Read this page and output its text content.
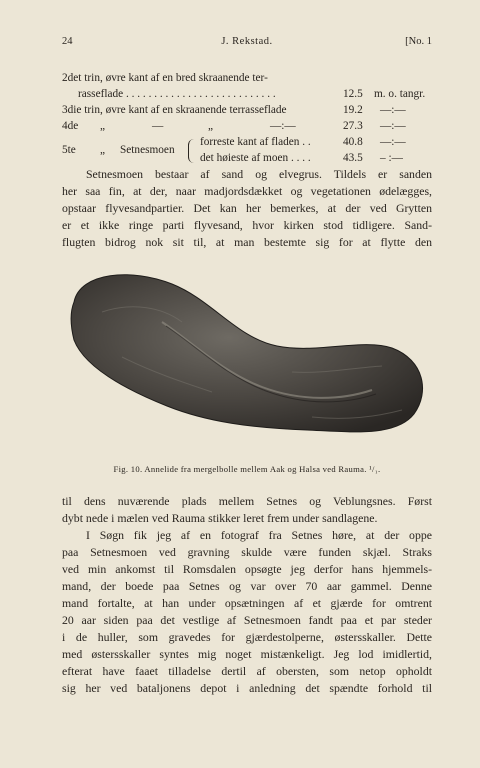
24	J. Rekstad.	[No. 1
2det trin, øvre kant af en bred skraanende ter-
rasseflade . . . . . . . . . . . . . . . . . . . . . . . . . . .	12.5 m. o. tangr.
3die trin, øvre kant af en skraanende terrasseflade	19.2 —:—
4de „	—	„	—:—	27.3 —:—
5te „ Setnesmoen
forreste kant af fladen . .	40.8 —:—
det høieste af moen . . . .	43.5 – :—
Setnesmoen bestaar af sand og elvegrus. Tildels er sanden
her saa fin, at der, naar madjordsdækket og vegetationen ødelægges,
opstaar flyvesandpartier. Det kan her bemerkes, at der ved Grytten
er et ikke ringe parti flyvesand, hvor kirken stod tidligere. Sand-
flugten bidrog nok sit til, at man bestemte sig for at flytte den
Fig. 10. Annelide fra mergelbolle mellem Aak og Halsa ved Rauma. ¹/₁.
til dens nuværende plads mellem Setnes og Veblungsnes. Først
dybt nede i mælen ved Rauma stikker leret frem under sandlagene.
I Søgn fik jeg af en fotograf fra Setnes høre, at der oppe
paa Setnesmoen ved gravning skulde være funden skjæl. Straks
ved min ankomst til Romsdalen opsøgte jeg derfor hans hjemmels-
mand, der boede paa Setnes og var over 70 aar gammel. Denne
mand fortalte, at han under opsætningen af et gjærde for omtrent
20 aar siden paa det vestlige af Setnesmoen fandt paa et par steder
i de huller, som gravedes for gjærdestolperne, østersskaller. Dette
med østersskaller syntes mig noget mistænkeligt. Jeg lod imidlertid,
efterat have faaet tilladelse dertil af obersten, som netop opholdt
sig her ved bataljonens depot i anledning det spændte forhold til
